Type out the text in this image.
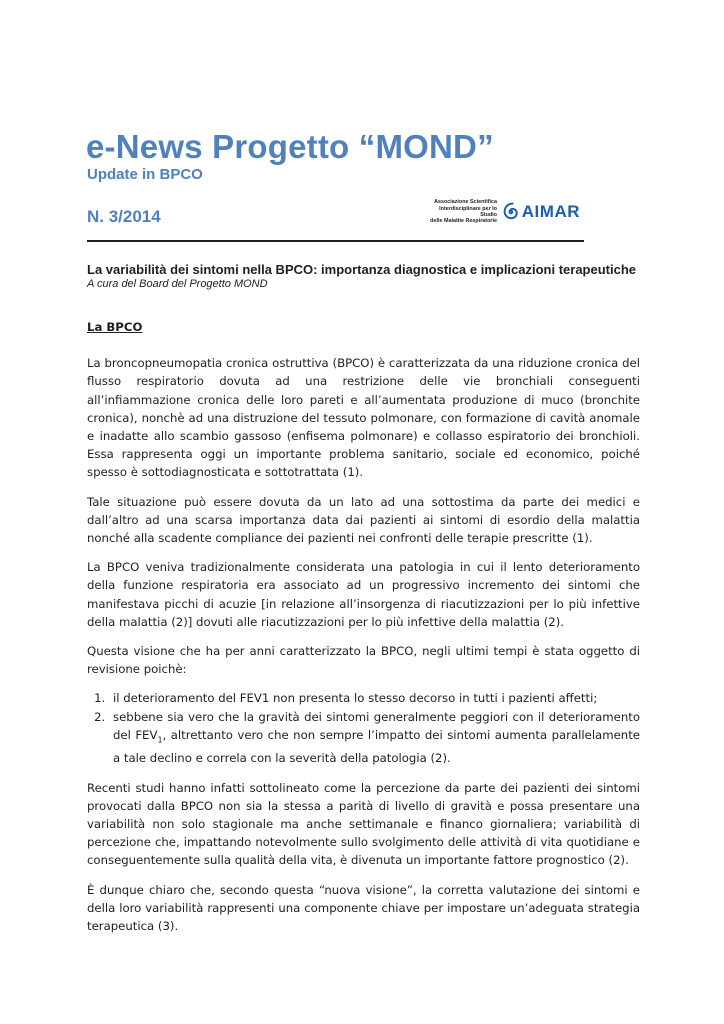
e-News Progetto “MOND”
Update in BPCO
N. 3/2014
Associazione Scientifica
Interdisciplinare per lo Studio
delle Malattie Respiratorie
AIMAR
La variabilità dei sintomi nella BPCO: importanza diagnostica e implicazioni terapeutiche
A cura del Board del Progetto MOND
La BPCO

La broncopneumopatia cronica ostruttiva (BPCO) è caratterizzata da una riduzione cronica del flusso respiratorio dovuta ad una restrizione delle vie bronchiali conseguenti all’infiammazione cronica delle loro pareti e all’aumentata produzione di muco (bronchite cronica), nonchè ad una distruzione del tessuto polmonare, con formazione di cavità anomale e inadatte allo scambio gassoso (enfisema polmonare) e collasso espiratorio dei bronchioli. Essa rappresenta oggi un importante problema sanitario, sociale ed economico, poiché spesso è sottodiagnosticata e sottotrattata (1).

Tale situazione può essere dovuta da un lato ad una sottostima da parte dei medici e dall’altro ad una scarsa importanza data dai pazienti ai sintomi di esordio della malattia nonché alla scadente compliance dei pazienti nei confronti delle terapie prescritte (1).

La BPCO veniva tradizionalmente considerata una patologia in cui il lento deterioramento della funzione respiratoria era associato ad un progressivo incremento dei sintomi che manifestava picchi di acuzie [in relazione all’insorgenza di riacutizzazioni per lo più infettive della malattia (2)] dovuti alle riacutizzazioni per lo più infettive della malattia (2).

Questa visione che ha per anni caratterizzato la BPCO, negli ultimi tempi è stata oggetto di revisione poichè:

1. il deterioramento del FEV1 non presenta lo stesso decorso in tutti i pazienti affetti;
2. sebbene sia vero che la gravità dei sintomi generalmente peggiori con il deterioramento del $FEV_1$, altrettanto vero che non sempre l’impatto dei sintomi aumenta parallelamente a tale declino e correla con la severità della patologia (2).

Recenti studi hanno infatti sottolineato come la percezione da parte dei pazienti dei sintomi provocati dalla BPCO non sia la stessa a parità di livello di gravità e possa presentare una variabilità non solo stagionale ma anche settimanale e financo giornaliera; variabilità di percezione che, impattando notevolmente sullo svolgimento delle attività di vita quotidiane e conseguentemente sulla qualità della vita, è divenuta un importante fattore prognostico (2).

È dunque chiaro che, secondo questa “nuova visione”, la corretta valutazione dei sintomi e della loro variabilità rappresenti una componente chiave per impostare un’adeguata strategia terapeutica (3).
